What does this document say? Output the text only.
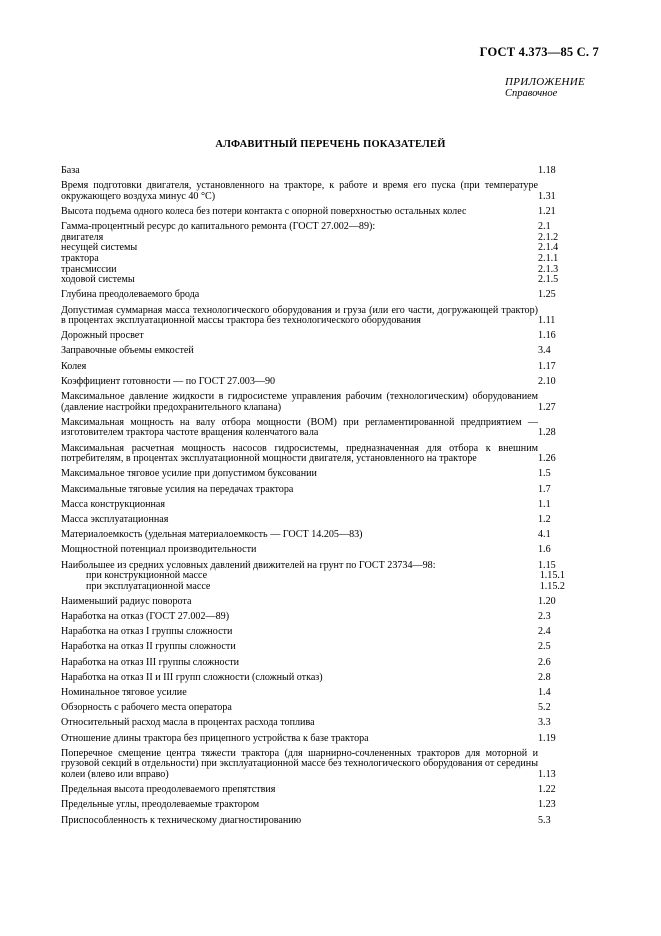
ГОСТ 4.373—85 С. 7
ПРИЛОЖЕНИЕ
Справочное
АЛФАВИТНЫЙ ПЕРЕЧЕНЬ ПОКАЗАТЕЛЕЙ
База	1.18
Время подготовки двигателя, установленного на тракторе, к работе и время его пуска (при температуре окружающего воздуха минус 40 °С)	1.31
Высота подъема одного колеса без потери контакта с опорной поверхностью остальных колес	1.21
Гамма-процентный ресурс до капитального ремонта (ГОСТ 27.002—89):	2.1
двигателя	2.1.2
несущей системы	2.1.4
трактора	2.1.1
трансмиссии	2.1.3
ходовой системы	2.1.5
Глубина преодолеваемого брода	1.25
Допустимая суммарная масса технологического оборудования и груза (или его части, догружающей трактор) в процентах эксплуатационной массы трактора без технологического оборудования	1.11
Дорожный просвет	1.16
Заправочные объемы емкостей	3.4
Колея	1.17
Коэффициент готовности — по ГОСТ 27.003—90	2.10
Максимальное давление жидкости в гидросистеме управления рабочим (технологическим) оборудованием (давление настройки предохранительного клапана)	1.27
Максимальная мощность на валу отбора мощности (ВОМ) при регламентированной предприятием — изготовителем трактора частоте вращения коленчатого вала	1.28
Максимальная расчетная мощность насосов гидросистемы, предназначенная для отбора к внешним потребителям, в процентах эксплуатационной мощности двигателя, установленного на тракторе	1.26
Максимальное тяговое усилие при допустимом буксовании	1.5
Максимальные тяговые усилия на передачах трактора	1.7
Масса конструкционная	1.1
Масса эксплуатационная	1.2
Материалоемкость (удельная материалоемкость — ГОСТ 14.205—83)	4.1
Мощностной потенциал производительности	1.6
Наибольшее из средних условных давлений движителей на грунт по ГОСТ 23734—98:	1.15
при конструкционной массе	1.15.1
при эксплуатационной массе	1.15.2
Наименьший радиус поворота	1.20
Наработка на отказ (ГОСТ 27.002—89)	2.3
Наработка на отказ I группы сложности	2.4
Наработка на отказ II группы сложности	2.5
Наработка на отказ III группы сложности	2.6
Наработка на отказ II и III групп сложности (сложный отказ)	2.8
Номинальное тяговое усилие	1.4
Обзорность с рабочего места оператора	5.2
Относительный расход масла в процентах расхода топлива	3.3
Отношение длины трактора без прицепного устройства к базе трактора	1.19
Поперечное смещение центра тяжести трактора (для шарнирно-сочлененных тракторов для моторной и грузовой секций в отдельности) при эксплуатационной массе без технологического оборудования от середины колеи (влево или вправо)	1.13
Предельная высота преодолеваемого препятствия	1.22
Предельные углы, преодолеваемые трактором	1.23
Приспособленность к техническому диагностированию	5.3
